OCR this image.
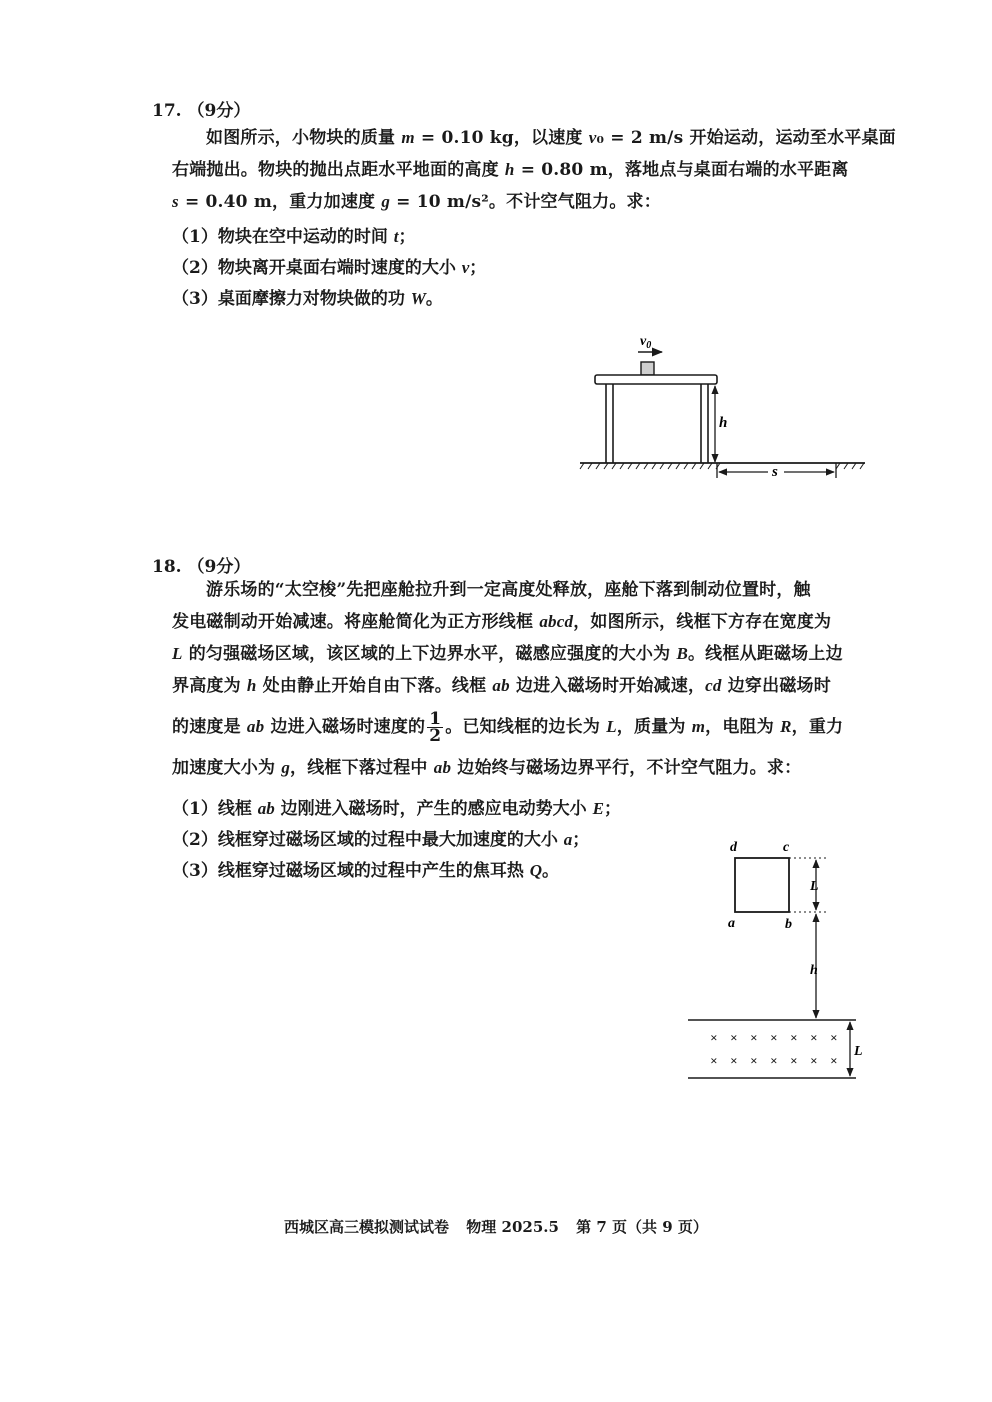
17. （9分）
如图所示，小物块的质量 m = 0.10 kg，以速度 v₀ = 2 m/s 开始运动，运动至水平桌面
右端抛出。物块的抛出点距水平地面的高度 h = 0.80 m，落地点与桌面右端的水平距离
s = 0.40 m，重力加速度 g = 10 m/s²。不计空气阻力。求：
（1）物块在空中运动的时间 t；
（2）物块离开桌面右端时速度的大小 v；
（3）桌面摩擦力对物块做的功 W。
$v_0$
h
s
18. （9分）
游乐场的“太空梭”先把座舱拉升到一定高度处释放，座舱下落到制动位置时，触
发电磁制动开始减速。将座舱简化为正方形线框 abcd，如图所示，线框下方存在宽度为
L 的匀强磁场区域，该区域的上下边界水平，磁感应强度的大小为 B。线框从距磁场上边
界高度为 h 处由静止开始自由下落。线框 ab 边进入磁场时开始减速，cd 边穿出磁场时
的速度是 ab 边进入磁场时速度的 $\frac{1}{2}$ 。已知线框的边长为 L，质量为 m，电阻为 R，重力
加速度大小为 g，线框下落过程中 ab 边始终与磁场边界平行，不计空气阻力。求：
（1）线框 ab 边刚进入磁场时，产生的感应电动势大小 E；
（2）线框穿过磁场区域的过程中最大加速度的大小 a；
（3）线框穿过磁场区域的过程中产生的焦耳热 Q。
d	c
a	b
L
h
× × × × × × ×
× × × × × × ×
L
西城区高三模拟测试试卷 物理 2025.5 第 7 页（共 9 页）
